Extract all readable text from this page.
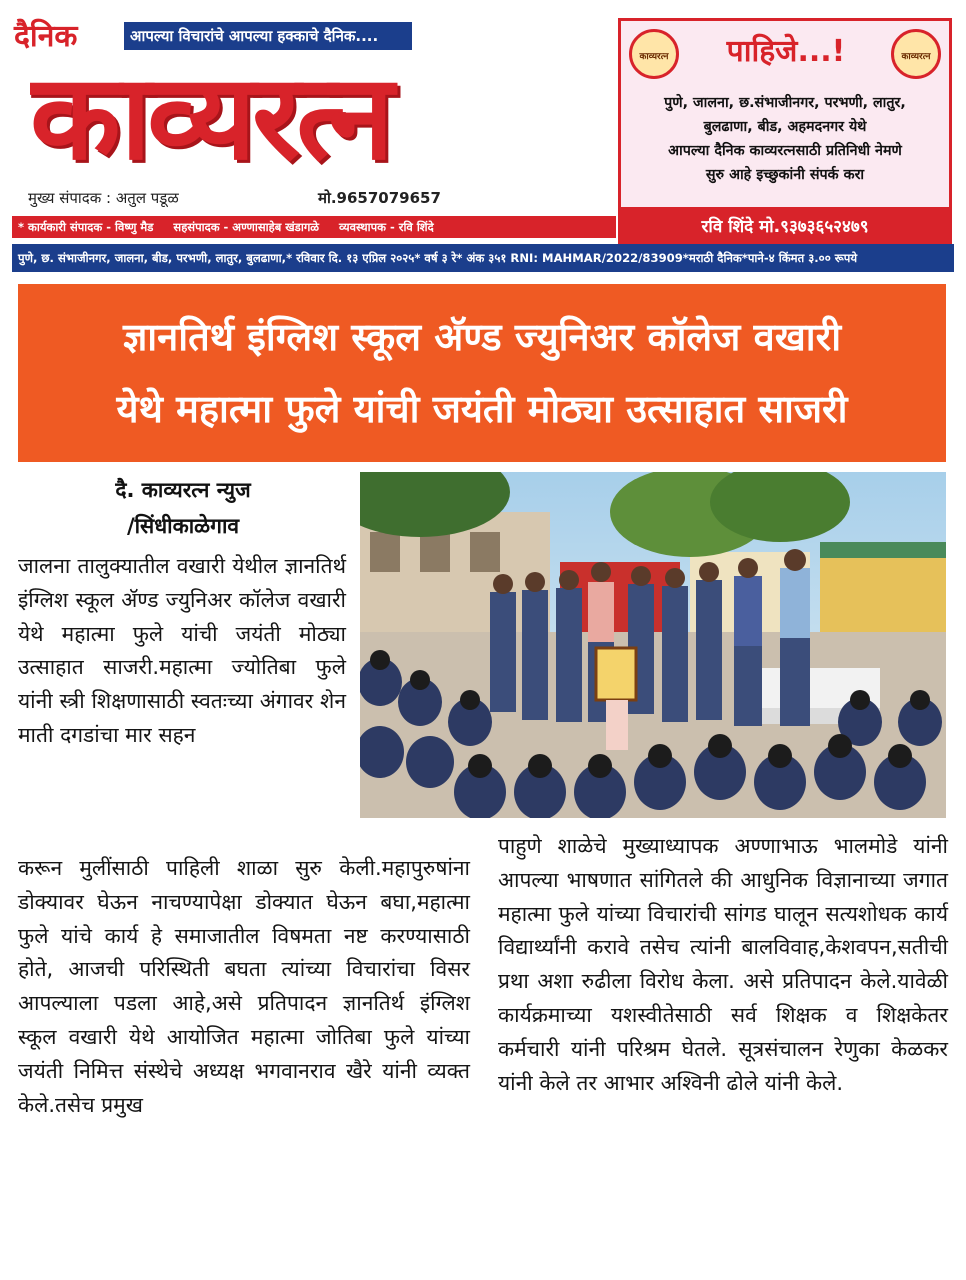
दैनिक	आपल्या विचारांचे आपल्या हक्काचे दैनिक....
काव्यरत्न
मुख्य संपादक : अतुल पडूळ	मो.9657079657
* कार्यकारी संपादक - विष्णु मैड सहसंपादक - अण्णासाहेब खंडागळे व्यवस्थापक - रवि शिंदे
काव्यरत्न	पाहिजे...!	काव्यरत्न
पुणे, जालना, छ.संभाजीनगर, परभणी, लातुर,
बुलढाणा, बीड, अहमदनगर येथे
आपल्या दैनिक काव्यरत्नसाठी प्रतिनिधी नेमणे
सुरु आहे इच्छुकांनी संपर्क करा
रवि शिंदे मो.९३७३६५२४७९
पुणे, छ. संभाजीनगर, जालना, बीड, परभणी, लातुर, बुलढाणा,* रविवार दि. १३ एप्रिल २०२५* वर्ष ३ रे* अंक ३५१ RNI: MAHMAR/2022/83909*मराठी दैनिक*पाने-४ किंमत ३.०० रूपये
ज्ञानतिर्थ इंग्लिश स्कूल अ‍ॅण्ड ज्युनिअर कॉलेज वखारी
येथे महात्मा फुले यांची जयंती मोठ्या उत्साहात साजरी
दै. काव्यरत्न न्युज
/सिंधीकाळेगाव

जालना तालुक्यातील वखारी येथील ज्ञानतिर्थ इंग्लिश स्कूल ॲण्ड ज्युनिअर कॉलेज वखारी येथे महात्मा फुले यांची जयंती मोठ्या उत्साहात साजरी.महात्मा ज्योतिबा फुले यांनी स्त्री शिक्षणासाठी स्वतःच्या अंगावर शेन माती दगडांचा मार सहन

करून मुलींसाठी पाहिली शाळा सुरु केली.महापुरुषांना डोक्यावर घेऊन नाचण्यापेक्षा डोक्यात घेऊन बघा,महात्मा फुले यांचे कार्य हे समाजातील विषमता नष्ट करण्यासाठी होते, आजची परिस्थिती बघता त्यांच्या विचारांचा विसर आपल्याला पडला आहे,असे प्रतिपादन ज्ञानतिर्थ इंग्लिश स्कूल वखारी येथे आयोजित महात्मा जोतिबा फुले यांच्या जयंती निमित्त संस्थेचे अध्यक्ष भगवानराव खैरे यांनी व्यक्त केले.तसेच प्रमुख

पाहुणे शाळेचे मुख्याध्यापक अण्णाभाऊ भालमोडे यांनी आपल्या भाषणात सांगितले की आधुनिक विज्ञानाच्या जगात महात्मा फुले यांच्या विचारांची सांगड घालून सत्यशोधक कार्य विद्यार्थ्यांनी करावे तसेच त्यांनी बालविवाह,केशवपन,सतीची प्रथा अशा रुढीला विरोध केला. असे प्रतिपादन केले.यावेळी कार्यक्रमाच्या यशस्वीतेसाठी सर्व शिक्षक व शिक्षकेतर कर्मचारी यांनी परिश्रम घेतले. सूत्रसंचालन रेणुका केळकर यांनी केले तर आभार अश्विनी ढोले यांनी केले.
